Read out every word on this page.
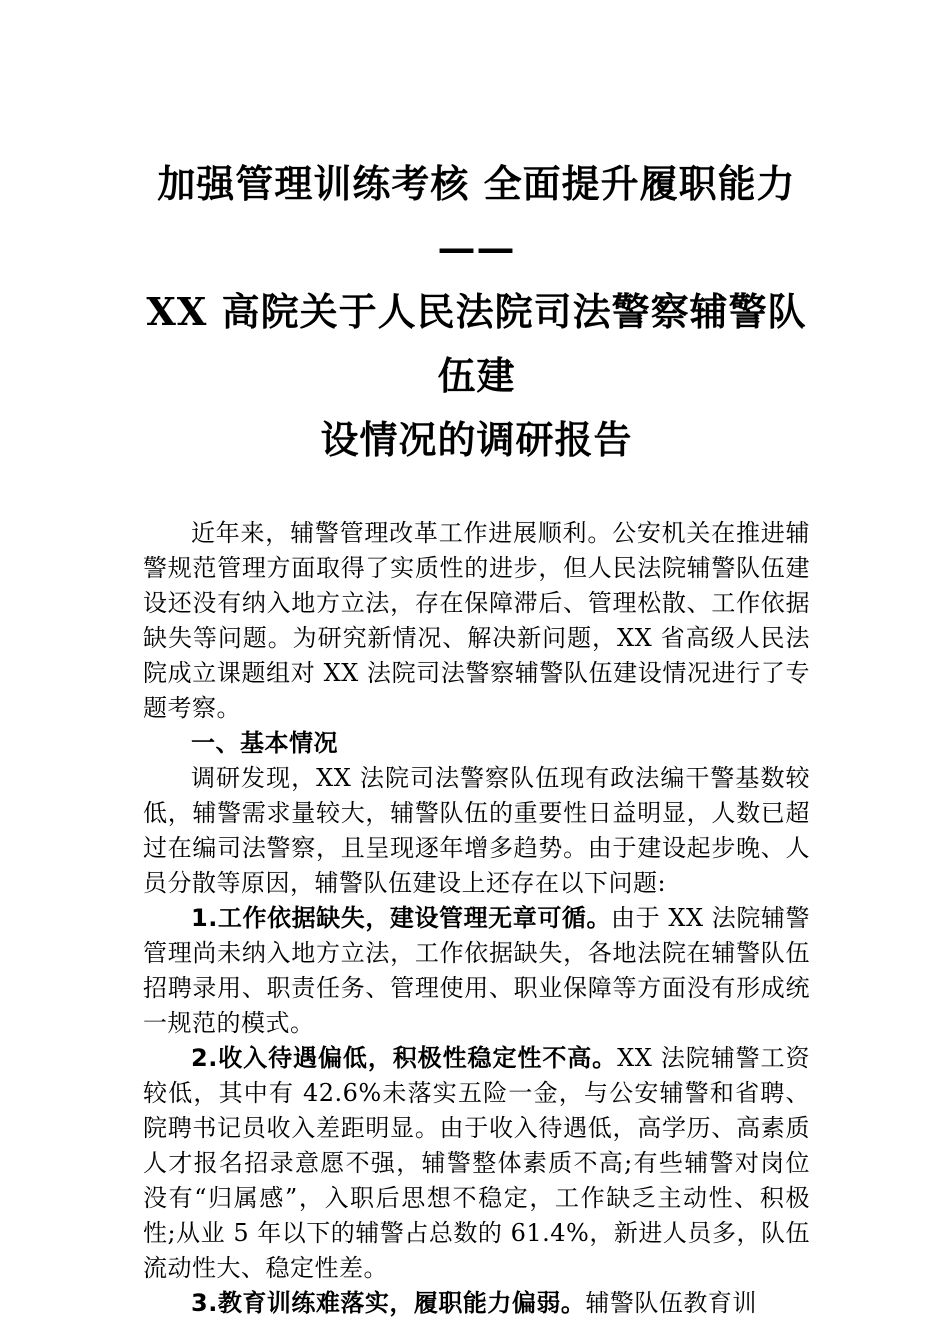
加强管理训练考核 全面提升履职能力——
XX 高院关于人民法院司法警察辅警队伍建
设情况的调研报告

近年来，辅警管理改革工作进展顺利。公安机关在推进辅警规范管理方面取得了实质性的进步，但人民法院辅警队伍建设还没有纳入地方立法，存在保障滞后、管理松散、工作依据缺失等问题。为研究新情况、解决新问题，XX 省高级人民法院成立课题组对 XX 法院司法警察辅警队伍建设情况进行了专题考察。

一、基本情况

调研发现，XX 法院司法警察队伍现有政法编干警基数较低，辅警需求量较大，辅警队伍的重要性日益明显，人数已超过在编司法警察，且呈现逐年增多趋势。由于建设起步晚、人员分散等原因，辅警队伍建设上还存在以下问题:

1.工作依据缺失，建设管理无章可循。由于 XX 法院辅警管理尚未纳入地方立法，工作依据缺失，各地法院在辅警队伍招聘录用、职责任务、管理使用、职业保障等方面没有形成统一规范的模式。

2.收入待遇偏低，积极性稳定性不高。XX 法院辅警工资较低，其中有 42.6%未落实五险一金，与公安辅警和省聘、院聘书记员收入差距明显。由于收入待遇低，高学历、高素质人才报名招录意愿不强，辅警整体素质不高;有些辅警对岗位没有“归属感”，入职后思想不稳定，工作缺乏主动性、积极性;从业 5 年以下的辅警占总数的 61.4%，新进人员多，队伍流动性大、稳定性差。

3.教育训练难落实，履职能力偏弱。辅警队伍教育训
